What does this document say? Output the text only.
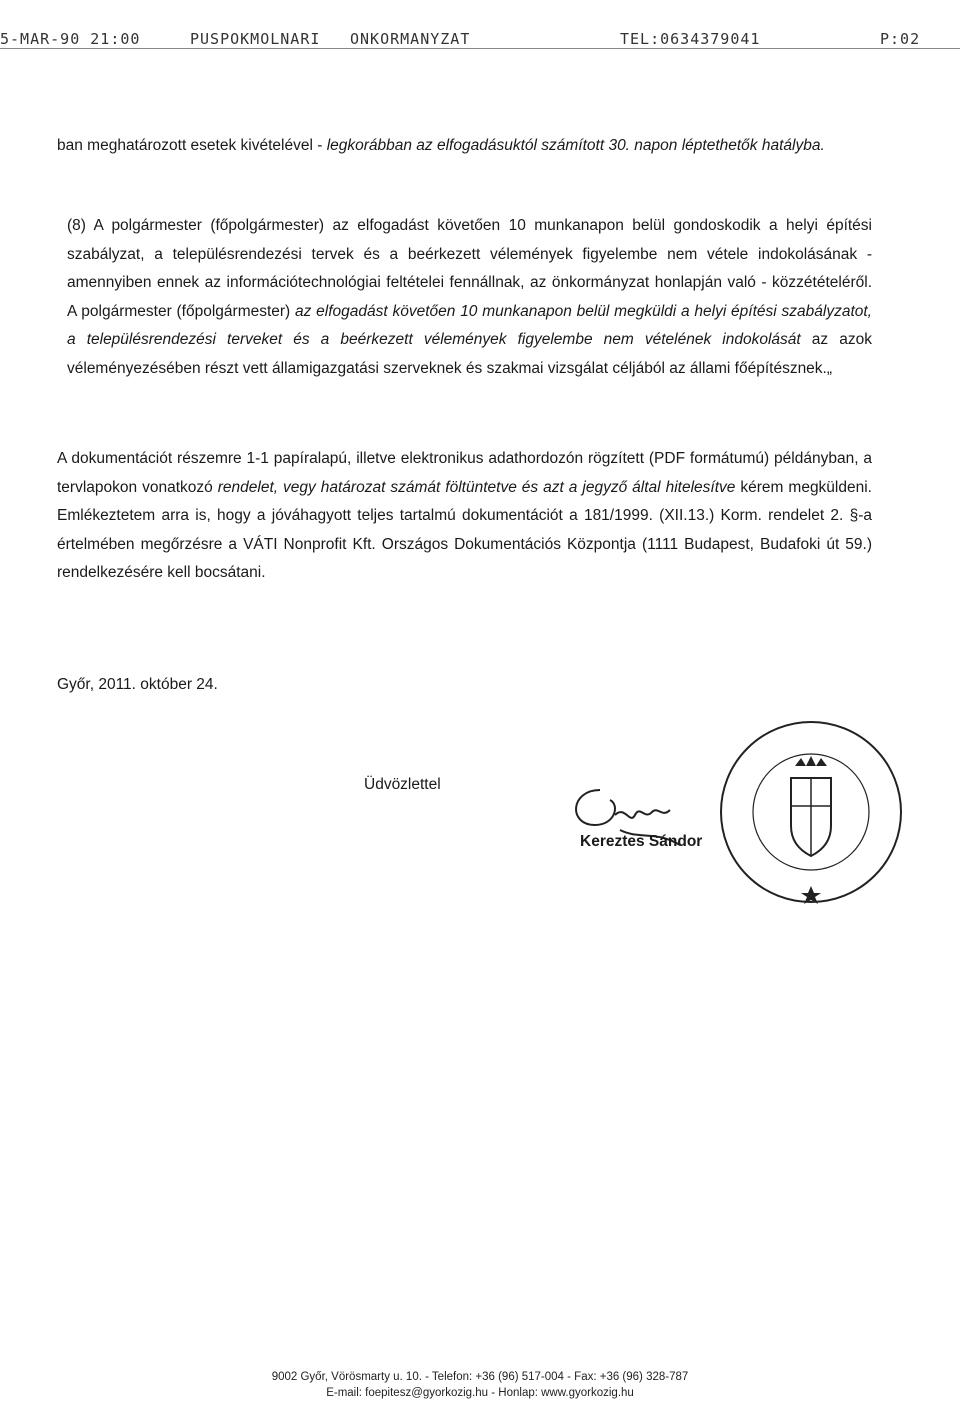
5-MAR-90 21:00	PUSPOKMOLNARI ONKORMANYZAT	TEL:0634379041	P:02
ban meghatározott esetek kivételével - legkorábban az elfogadásuktól számított 30. napon léptethetők hatályba.
(8) A polgármester (főpolgármester) az elfogadást követően 10 munkanapon belül gondoskodik a helyi építési szabályzat, a településrendezési tervek és a beérkezett vélemények figyelembe nem vétele indokolásának - amennyiben ennek az információtechnológiai feltételei fennállnak, az önkormányzat honlapján való - közzétételéről. A polgármester (főpolgármester) az elfogadást követően 10 munkanapon belül megküldi a helyi építési szabályzatot, a településrendezési terveket és a beérkezett vélemények figyelembe nem vételének indokolását az azok véleményezésében részt vett államigazgatási szerveknek és szakmai vizsgálat céljából az állami főépítésznek.„
A dokumentációt részemre 1-1 papíralapú, illetve elektronikus adathordozón rögzített (PDF formátumú) példányban, a tervlapokon vonatkozó rendelet, vegy határozat számát föltüntetve és azt a jegyző által hitelesítve kérem megküldeni. Emlékeztetem arra is, hogy a jóváhagyott teljes tartalmú dokumentációt a 181/1999. (XII.13.) Korm. rendelet 2. §-a értelmében megőrzésre a VÁTI Nonprofit Kft. Országos Dokumentációs Központja (1111 Budapest, Budafoki út 59.) rendelkezésére kell bocsátani.
Győr, 2011. október 24.
Üdvözlettel
Kereztes Sándor
9002 Győr, Vörösmarty u. 10. - Telefon: +36 (96) 517-004 - Fax: +36 (96) 328-787
E-mail: foepitesz@gyorkozig.hu - Honlap: www.gyorkozig.hu
